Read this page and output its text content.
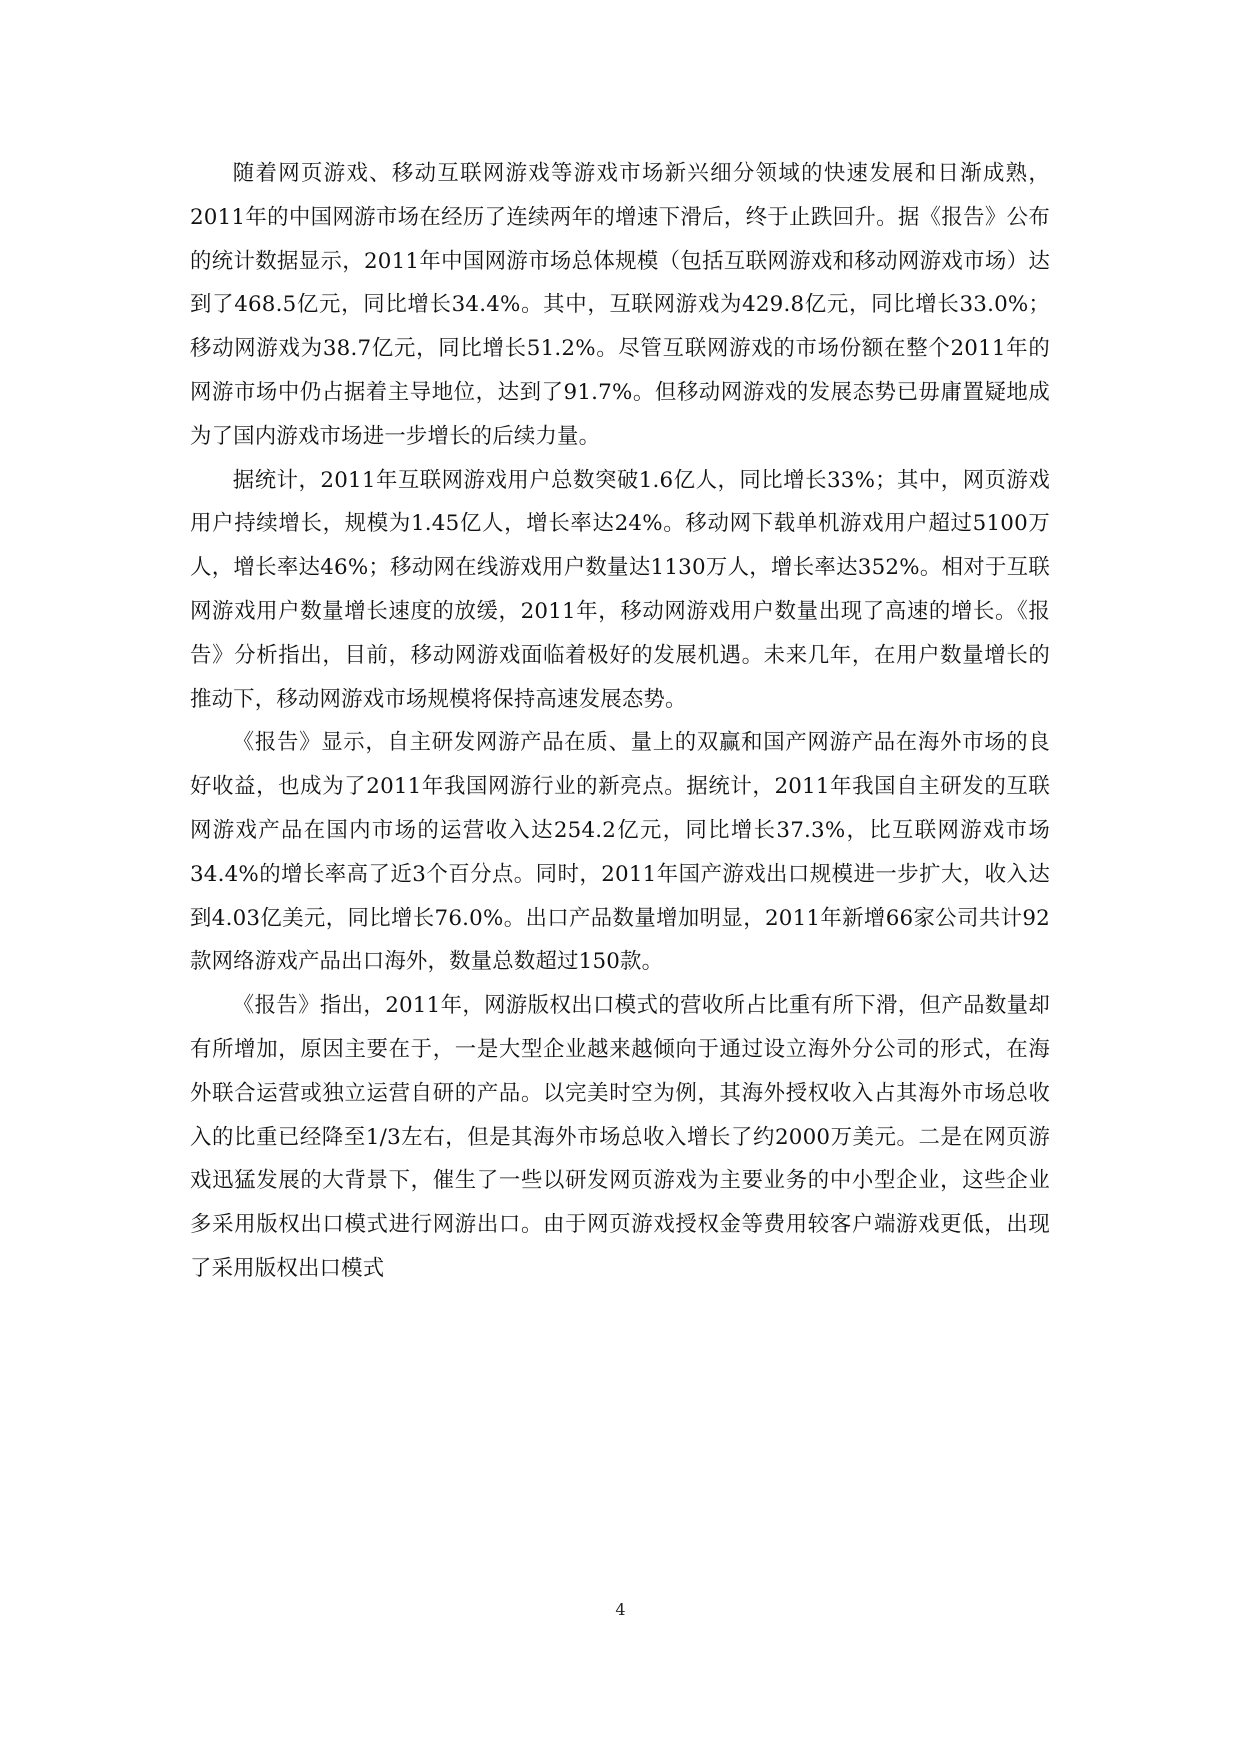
随着网页游戏、移动互联网游戏等游戏市场新兴细分领域的快速发展和日渐成熟，2011年的中国网游市场在经历了连续两年的增速下滑后，终于止跌回升。据《报告》公布的统计数据显示，2011年中国网游市场总体规模（包括互联网游戏和移动网游戏市场）达到了468.5亿元，同比增长34.4%。其中，互联网游戏为429.8亿元，同比增长33.0%；移动网游戏为38.7亿元，同比增长51.2%。尽管互联网游戏的市场份额在整个2011年的网游市场中仍占据着主导地位，达到了91.7%。但移动网游戏的发展态势已毋庸置疑地成为了国内游戏市场进一步增长的后续力量。

据统计，2011年互联网游戏用户总数突破1.6亿人，同比增长33%；其中，网页游戏用户持续增长，规模为1.45亿人，增长率达24%。移动网下载单机游戏用户超过5100万人，增长率达46%；移动网在线游戏用户数量达1130万人，增长率达352%。相对于互联网游戏用户数量增长速度的放缓，2011年，移动网游戏用户数量出现了高速的增长。《报告》分析指出，目前，移动网游戏面临着极好的发展机遇。未来几年，在用户数量增长的推动下，移动网游戏市场规模将保持高速发展态势。

《报告》显示，自主研发网游产品在质、量上的双赢和国产网游产品在海外市场的良好收益，也成为了2011年我国网游行业的新亮点。据统计，2011年我国自主研发的互联网游戏产品在国内市场的运营收入达254.2亿元，同比增长37.3%，比互联网游戏市场34.4%的增长率高了近3个百分点。同时，2011年国产游戏出口规模进一步扩大，收入达到4.03亿美元，同比增长76.0%。出口产品数量增加明显，2011年新增66家公司共计92款网络游戏产品出口海外，数量总数超过150款。

《报告》指出，2011年，网游版权出口模式的营收所占比重有所下滑，但产品数量却有所增加，原因主要在于，一是大型企业越来越倾向于通过设立海外分公司的形式，在海外联合运营或独立运营自研的产品。以完美时空为例，其海外授权收入占其海外市场总收入的比重已经降至1/3左右，但是其海外市场总收入增长了约2000万美元。二是在网页游戏迅猛发展的大背景下，催生了一些以研发网页游戏为主要业务的中小型企业，这些企业多采用版权出口模式进行网游出口。由于网页游戏授权金等费用较客户端游戏更低，出现了采用版权出口模式

4
